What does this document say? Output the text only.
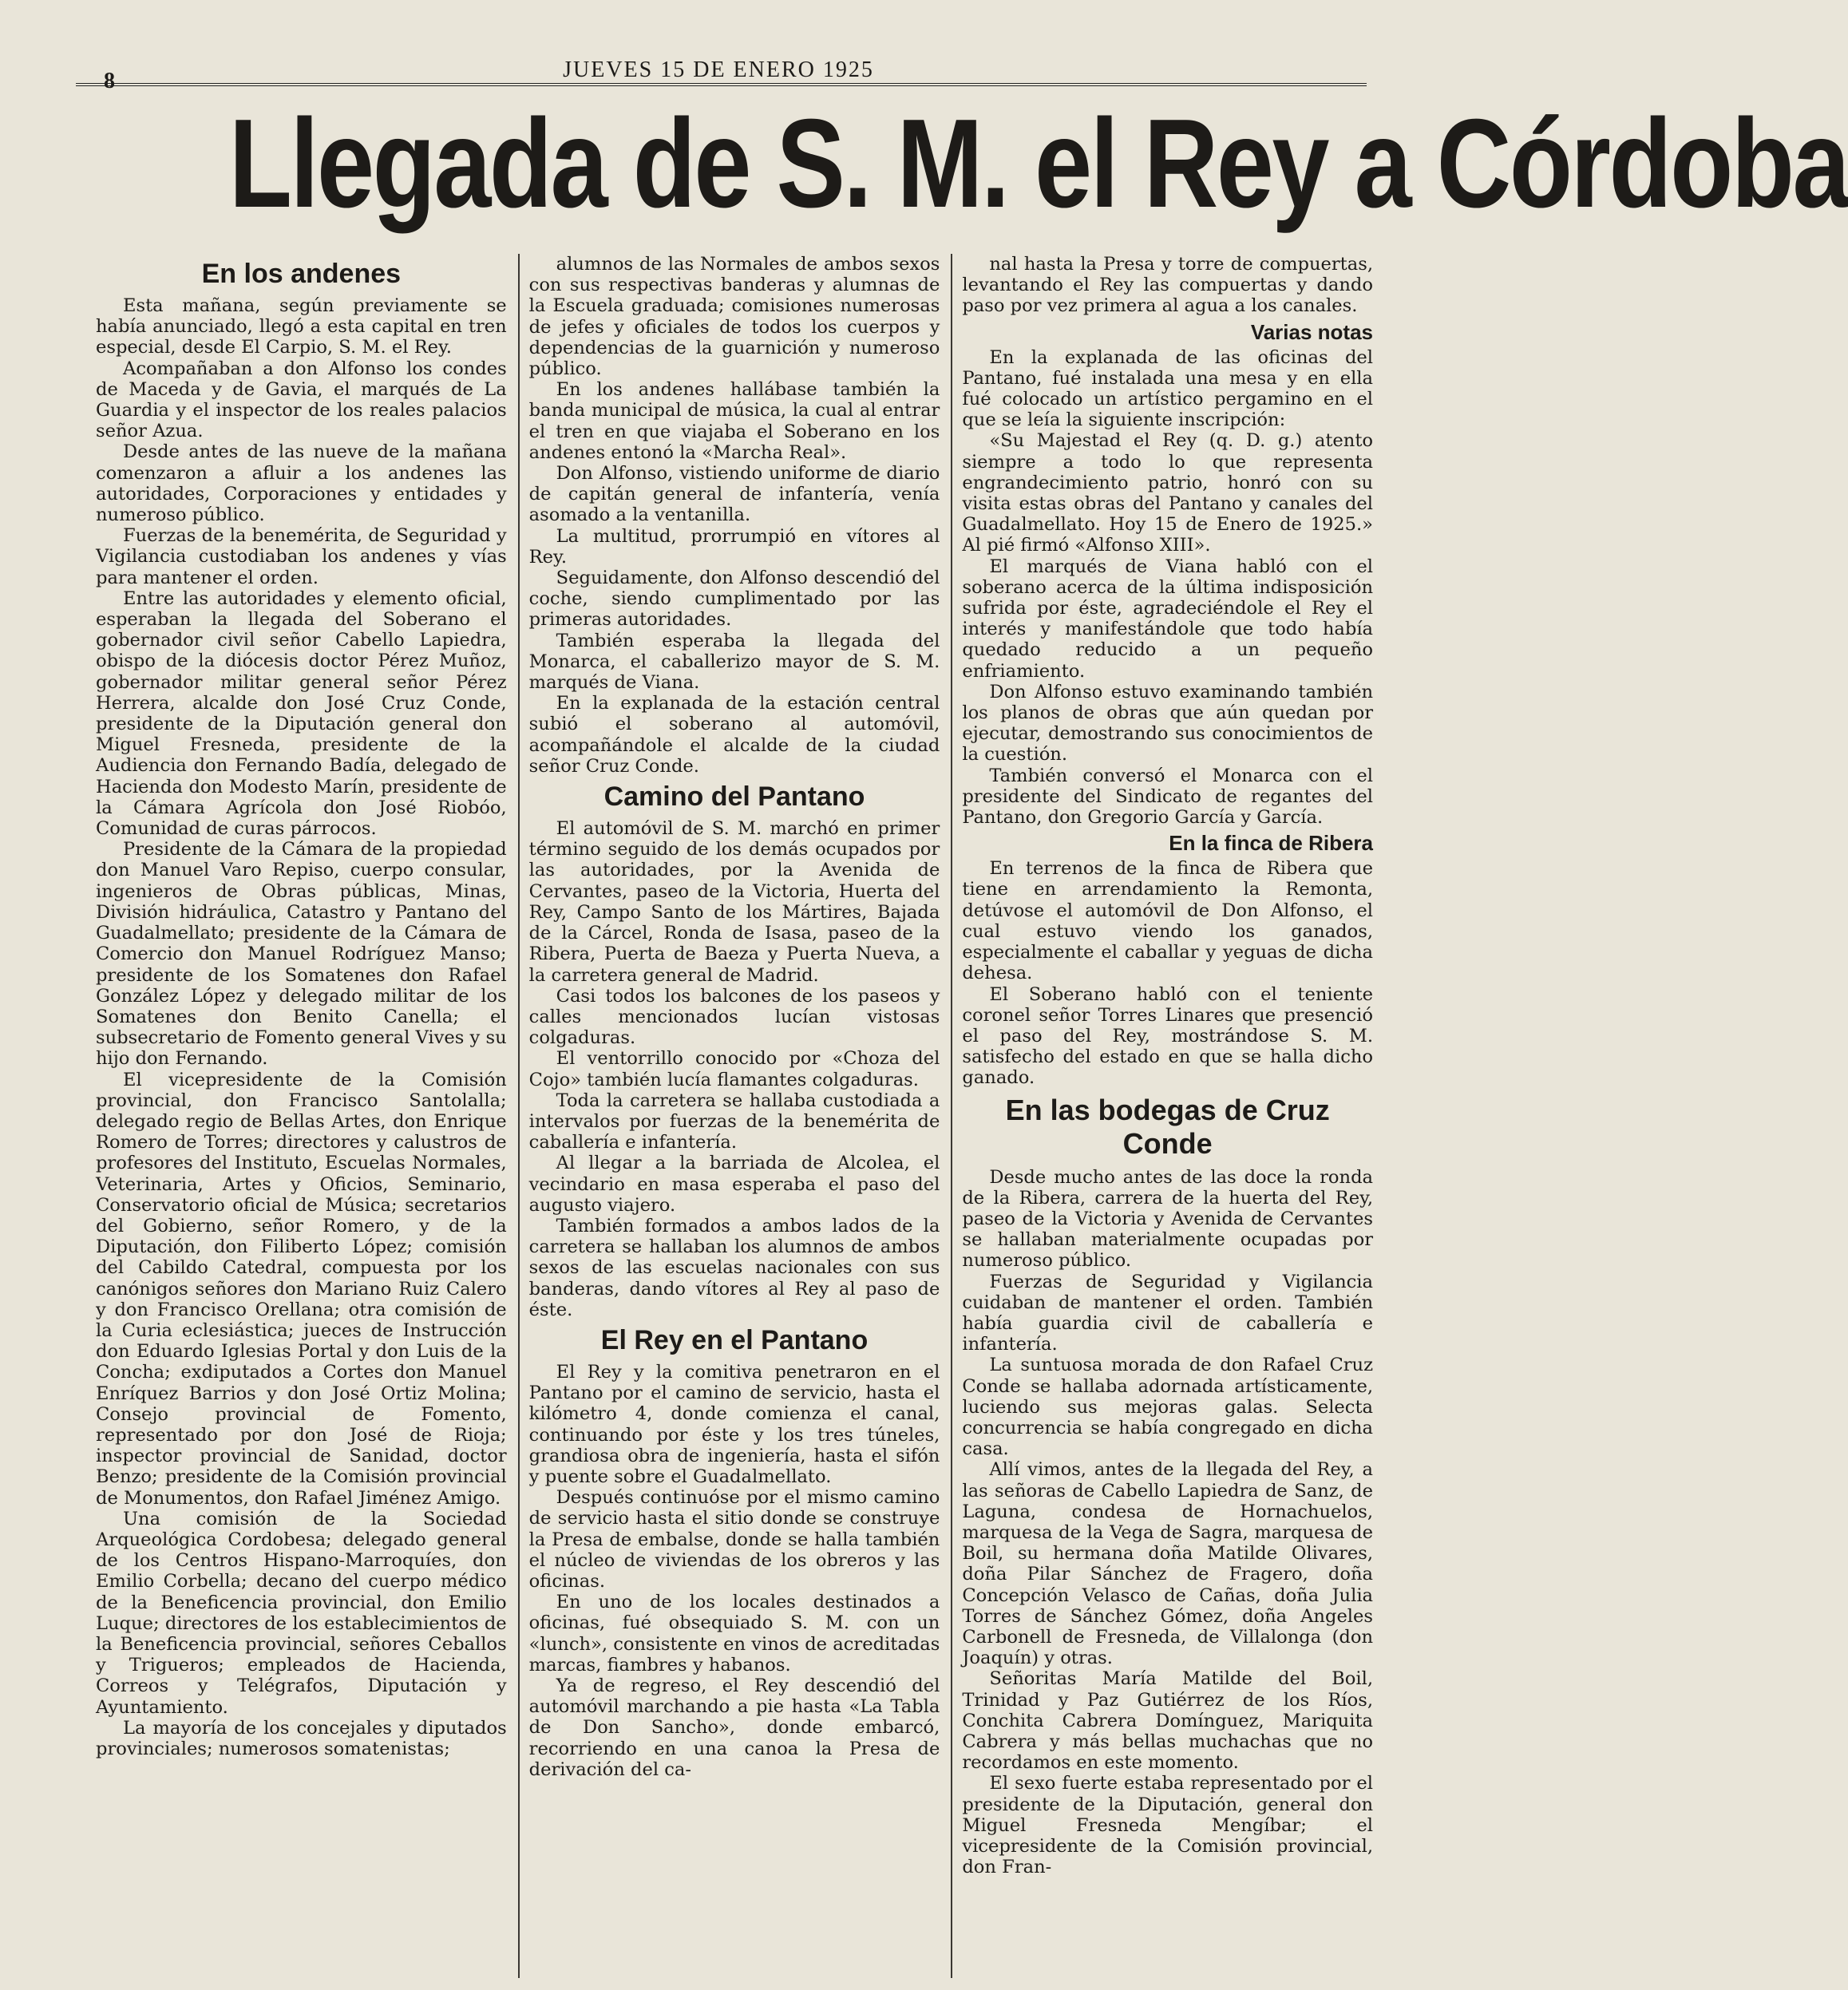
8	JUEVES 15 DE ENERO 1925
Llegada de S. M. el Rey a Córdoba
En los andenes

Esta mañana, según previamente se había anunciado, llegó a esta capital en tren especial, desde El Carpio, S. M. el Rey.

Acompañaban a don Alfonso los condes de Maceda y de Gavia, el marqués de La Guardia y el inspector de los reales palacios señor Azua.

Desde antes de las nueve de la mañana comenzaron a afluir a los andenes las autoridades, Corporaciones y entidades y numeroso público.

Fuerzas de la benemérita, de Seguridad y Vigilancia custodiaban los andenes y vías para mantener el orden.

Entre las autoridades y elemento oficial, esperaban la llegada del Soberano el gobernador civil señor Cabello Lapiedra, obispo de la diócesis doctor Pérez Muñoz, gobernador militar general señor Pérez Herrera, alcalde don José Cruz Conde, presidente de la Diputación general don Miguel Fresneda, presidente de la Audiencia don Fernando Badía, delegado de Hacienda don Modesto Marín, presidente de la Cámara Agrícola don José Riobóo, Comunidad de curas párrocos.

Presidente de la Cámara de la propiedad don Manuel Varo Repiso, cuerpo consular, ingenieros de Obras públicas, Minas, División hidráulica, Catastro y Pantano del Guadalmellato; presidente de la Cámara de Comercio don Manuel Rodríguez Manso; presidente de los Somatenes don Rafael González López y delegado militar de los Somatenes don Benito Canella; el subsecretario de Fomento general Vives y su hijo don Fernando.

El vicepresidente de la Comisión provincial, don Francisco Santolalla; delegado regio de Bellas Artes, don Enrique Romero de Torres; directores y calustros de profesores del Instituto, Escuelas Normales, Veterinaria, Artes y Oficios, Seminario, Conservatorio oficial de Música; secretarios del Gobierno, señor Romero, y de la Diputación, don Filiberto López; comisión del Cabildo Catedral, compuesta por los canónigos señores don Mariano Ruiz Calero y don Francisco Orellana; otra comisión de la Curia eclesiástica; jueces de Instrucción don Eduardo Iglesias Portal y don Luis de la Concha; exdiputados a Cortes don Manuel Enríquez Barrios y don José Ortiz Molina; Consejo provincial de Fomento, representado por don José de Rioja; inspector provincial de Sanidad, doctor Benzo; presidente de la Comisión provincial de Monumentos, don Rafael Jiménez Amigo.

Una comisión de la Sociedad Arqueológica Cordobesa; delegado general de los Centros Hispano-Marroquíes, don Emilio Corbella; decano del cuerpo médico de la Beneficencia provincial, don Emilio Luque; directores de los establecimientos de la Beneficencia provincial, señores Ceballos y Trigueros; empleados de Hacienda, Correos y Telégrafos, Diputación y Ayuntamiento.

La mayoría de los concejales y diputados provinciales; numerosos somatenistas;

alumnos de las Normales de ambos sexos con sus respectivas banderas y alumnas de la Escuela graduada; comisiones numerosas de jefes y oficiales de todos los cuerpos y dependencias de la guarnición y numeroso público.

En los andenes hallábase también la banda municipal de música, la cual al entrar el tren en que viajaba el Soberano en los andenes entonó la «Marcha Real».

Don Alfonso, vistiendo uniforme de diario de capitán general de infantería, venía asomado a la ventanilla.

La multitud, prorrumpió en vítores al Rey.

Seguidamente, don Alfonso descendió del coche, siendo cumplimentado por las primeras autoridades.

También esperaba la llegada del Monarca, el caballerizo mayor de S. M. marqués de Viana.

En la explanada de la estación central subió el soberano al automóvil, acompañándole el alcalde de la ciudad señor Cruz Conde.

Camino del Pantano

El automóvil de S. M. marchó en primer término seguido de los demás ocupados por las autoridades, por la Avenida de Cervantes, paseo de la Victoria, Huerta del Rey, Campo Santo de los Mártires, Bajada de la Cárcel, Ronda de Isasa, paseo de la Ribera, Puerta de Baeza y Puerta Nueva, a la carretera general de Madrid.

Casi todos los balcones de los paseos y calles mencionados lucían vistosas colgaduras.

El ventorrillo conocido por «Choza del Cojo» también lucía flamantes colgaduras.

Toda la carretera se hallaba custodiada a intervalos por fuerzas de la benemérita de caballería e infantería.

Al llegar a la barriada de Alcolea, el vecindario en masa esperaba el paso del augusto viajero.

También formados a ambos lados de la carretera se hallaban los alumnos de ambos sexos de las escuelas nacionales con sus banderas, dando vítores al Rey al paso de éste.

El Rey en el Pantano

El Rey y la comitiva penetraron en el Pantano por el camino de servicio, hasta el kilómetro 4, donde comienza el canal, continuando por éste y los tres túneles, grandiosa obra de ingeniería, hasta el sifón y puente sobre el Guadalmellato.

Después continuóse por el mismo camino de servicio hasta el sitio donde se construye la Presa de embalse, donde se halla también el núcleo de viviendas de los obreros y las oficinas.

En uno de los locales destinados a oficinas, fué obsequiado S. M. con un «lunch», consistente en vinos de acreditadas marcas, fiambres y habanos.

Ya de regreso, el Rey descendió del automóvil marchando a pie hasta «La Tabla de Don Sancho», donde embarcó, recorriendo en una canoa la Presa de derivación del ca-

nal hasta la Presa y torre de compuertas, levantando el Rey las compuertas y dando paso por vez primera al agua a los canales.

Varias notas

En la explanada de las oficinas del Pantano, fué instalada una mesa y en ella fué colocado un artístico pergamino en el que se leía la siguiente inscripción:

«Su Majestad el Rey (q. D. g.) atento siempre a todo lo que representa engrandecimiento patrio, honró con su visita estas obras del Pantano y canales del Guadalmellato. Hoy 15 de Enero de 1925.» Al pié firmó «Alfonso XIII».

El marqués de Viana habló con el soberano acerca de la última indisposición sufrida por éste, agradeciéndole el Rey el interés y manifestándole que todo había quedado reducido a un pequeño enfriamiento.

Don Alfonso estuvo examinando también los planos de obras que aún quedan por ejecutar, demostrando sus conocimientos de la cuestión.

También conversó el Monarca con el presidente del Sindicato de regantes del Pantano, don Gregorio García y García.

En la finca de Ribera

En terrenos de la finca de Ribera que tiene en arrendamiento la Remonta, detúvose el automóvil de Don Alfonso, el cual estuvo viendo los ganados, especialmente el caballar y yeguas de dicha dehesa.

El Soberano habló con el teniente coronel señor Torres Linares que presenció el paso del Rey, mostrándose S. M. satisfecho del estado en que se halla dicho ganado.

En las bodegas de Cruz Conde

Desde mucho antes de las doce la ronda de la Ribera, carrera de la huerta del Rey, paseo de la Victoria y Avenida de Cervantes se hallaban materialmente ocupadas por numeroso público.

Fuerzas de Seguridad y Vigilancia cuidaban de mantener el orden. También había guardia civil de caballería e infantería.

La suntuosa morada de don Rafael Cruz Conde se hallaba adornada artísticamente, luciendo sus mejoras galas. Selecta concurrencia se había congregado en dicha casa.

Allí vimos, antes de la llegada del Rey, a las señoras de Cabello Lapiedra de Sanz, de Laguna, condesa de Hornachuelos, marquesa de la Vega de Sagra, marquesa de Boil, su hermana doña Matilde Olivares, doña Pilar Sánchez de Fragero, doña Concepción Velasco de Cañas, doña Julia Torres de Sánchez Gómez, doña Angeles Carbonell de Fresneda, de Villalonga (don Joaquín) y otras.

Señoritas María Matilde del Boil, Trinidad y Paz Gutiérrez de los Ríos, Conchita Cabrera Domínguez, Mariquita Cabrera y más bellas muchachas que no recordamos en este momento.

El sexo fuerte estaba representado por el presidente de la Diputación, general don Miguel Fresneda Mengíbar; el vicepresidente de la Comisión provincial, don Fran-
